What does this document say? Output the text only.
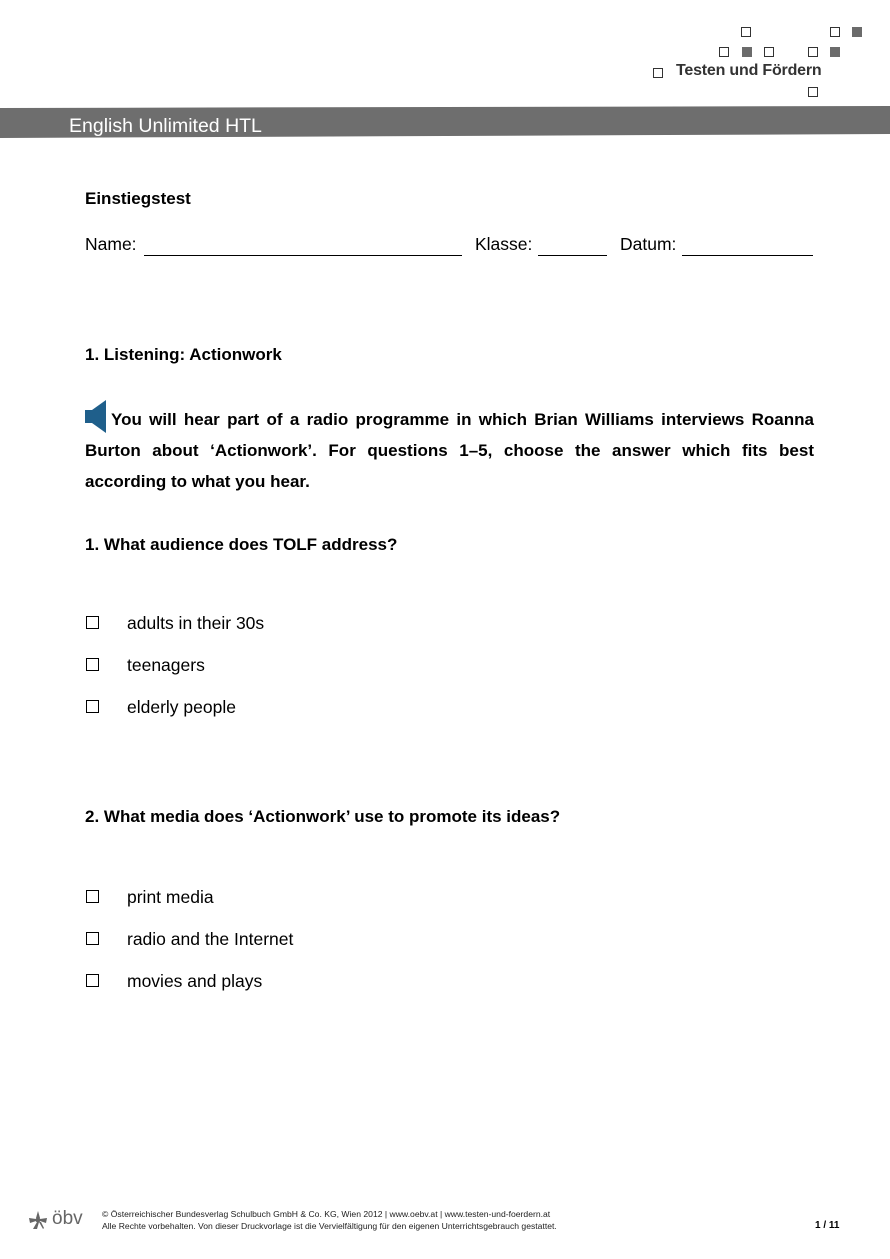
Testen und Fördern
English Unlimited HTL
Einstiegstest
Name:	Klasse:	Datum:
1. Listening: Actionwork
You will hear part of a radio programme in which Brian Williams interviews Roanna Burton about ‘Actionwork’. For questions 1–5, choose the answer which fits best according to what you hear.
1. What audience does TOLF address?
adults in their 30s
teenagers
elderly people
2. What media does ‘Actionwork’ use to promote its ideas?
print media
radio and the Internet
movies and plays
öbv © Österreichischer Bundesverlag Schulbuch GmbH & Co. KG, Wien 2012 | www.oebv.at | www.testen-und-foerdern.at
Alle Rechte vorbehalten. Von dieser Druckvorlage ist die Vervielfältigung für den eigenen Unterrichtsgebrauch gestattet.	1 / 11
